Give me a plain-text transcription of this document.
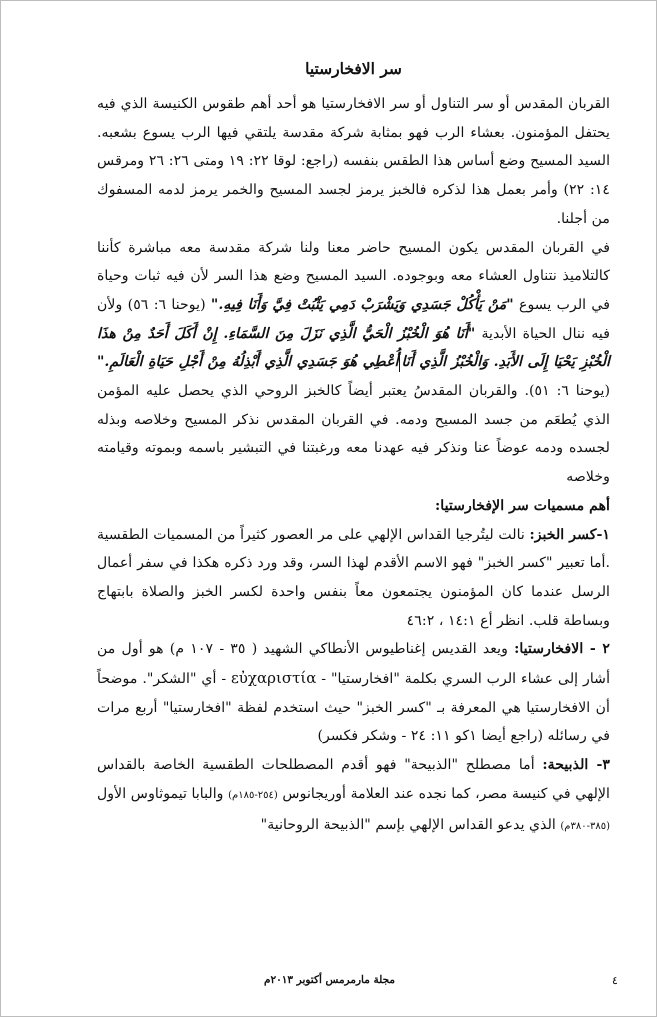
سر الافخارستيا

القربان المقدس أو سر التناول أو سر الافخارستيا هو أحد أهم طقوس الكنيسة الذي فيه يحتفل المؤمنون. بعشاء الرب فهو بمثابة شركة مقدسة يلتقي فيها الرب يسوع بشعبه. السيد المسيح وضع أساس هذا الطقس بنفسه (راجع: لوقا ٢٢: ١٩ ومتى ٢٦: ٢٦ ومرقس ١٤: ٢٢) وأمر بعمل هذا لذكره فالخبز يرمز لجسد المسيح والخمر يرمز لدمه المسفوك من أجلنا.

في القربان المقدس يكون المسيح حاضر معنا ولنا شركة مقدسة معه مباشرة كأننا كالتلاميذ نتناول العشاء معه وبوجوده. السيد المسيح وضع هذا السر لأن فيه ثبات وحياة في الرب يسوع "مَنْ يَأْكُلْ جَسَدِي وَيَشْرَبْ دَمِي يَثْبُتْ فِيَّ وَأَنَا فِيهِ." (يوحنا ٦: ٥٦) ولأن فيه ننال الحياة الأبدية "أَنَا هُوَ الْخُبْزُ الْحَيُّ الَّذِي نَزَلَ مِنَ السَّمَاءِ. إِنْ أَكَلَ أَحَدٌ مِنْ هذَا الْخُبْزِ يَحْيَا إِلَى الأَبَدِ. وَالْخُبْزُ الَّذِي أَنَاأُعْطِي هُوَ جَسَدِي الَّذِي أَبْذِلُهُ مِنْ أَجْلِ حَيَاةِ الْعَالَمِ." (يوحنا ٦: ٥١). والقربان المقدسُ يعتبر أيضاً كالخبز الروحي الذي يحصل عليه المؤمن الذي يُطعَم من جسد المسيح ودمه. في القربان المقدس نذكر المسيح وخلاصه وبذله لجسده ودمه عوضاً عنا ونذكر فيه عهدنا معه ورغبتنا في التبشير باسمه وبموته وقيامته وخلاصه

أهم مسميات سر الإفخارستيا:

١-كسر الخبز: نالت ليتُرجيا القداس الإلهي على مر العصور كثيراً من المسميات الطقسية .أما تعبير "كسر الخبز" فهو الاسم الأقدم لهذا السر، وقد ورد ذكره هكذا في سفر أعمال الرسل عندما كان المؤمنون يجتمعون معاً بنفس واحدة لكسر الخبز والصلاة بابتهاج وبساطة قلب. انظر أع ١٤:١ ، ٤٦:٢

٢ - الافخارستيا: ويعد القديس إغناطيوس الأنطاكي الشهيد ( ٣٥ - ١٠٧ م) هو أول من أشار إلى عشاء الرب السري بكلمة "افخارستيا" - εὐχαριστία - أي "الشكر". موضحاً أن الافخارستيا هي المعرفة بـ "كسر الخبز" حيث استخدم لفظة "افخارستيا" أربع مرات في رسائله (راجع أيضا ١كو ١١: ٢٤ - وشكر فكسر)

٣- الذبيحة: أما مصطلح "الذبيحة" فهو أقدم المصطلحات الطقسية الخاصة بالقداس الإلهي في كنيسة مصر، كما نجده عند العلامة أوريجانوس (٢٥٤-١٨٥م) والبابا تيموثاوس الأول (٣٨٥-٣٨٠م) الذي يدعو القداس الإلهي بإسم "الذبيحة الروحانية"

مجلة مارمرمس أكتوبر ٢٠١٣م	٤
